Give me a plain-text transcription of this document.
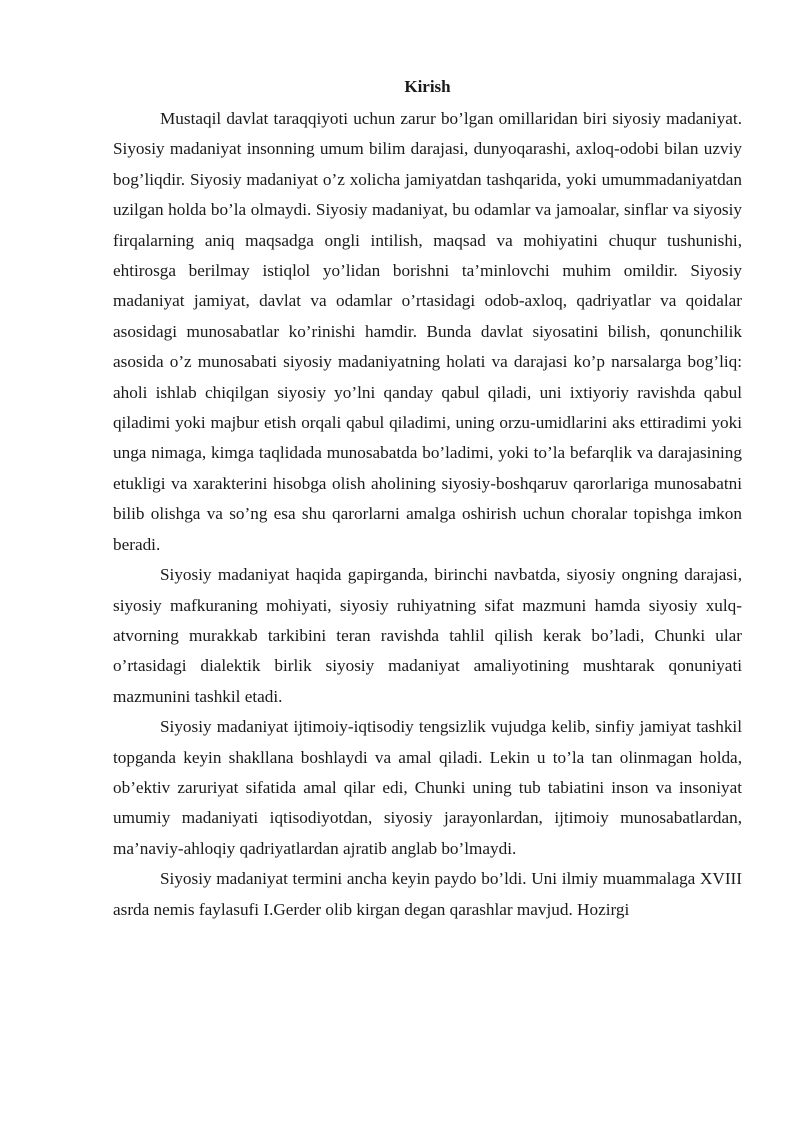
Kirish

Mustaqil davlat taraqqiyoti uchun zarur bo’lgan omillaridan biri siyosiy madaniyat. Siyosiy madaniyat insonning umum bilim darajasi, dunyoqarashi, axloq-odobi bilan uzviy bog’liqdir. Siyosiy madaniyat o’z xolicha jamiyatdan tashqarida, yoki umummadaniyatdan uzilgan holda bo’la olmaydi. Siyosiy madaniyat, bu odamlar va jamoalar, sinflar va siyosiy firqalarning aniq maqsadga ongli intilish, maqsad va mohiyatini chuqur tushunishi, ehtirosga berilmay istiqlol yo’lidan borishni ta’minlovchi muhim omildir. Siyosiy madaniyat jamiyat, davlat va odamlar o’rtasidagi odob-axloq, qadriyatlar va qoidalar asosidagi munosabatlar ko’rinishi hamdir. Bunda davlat siyosatini bilish, qonunchilik asosida o’z munosabati siyosiy madaniyatning holati va darajasi ko’p narsalarga bog’liq: aholi ishlab chiqilgan siyosiy yo’lni qanday qabul qiladi, uni ixtiyoriy ravishda qabul qiladimi yoki majbur etish orqali qabul qiladimi, uning orzu-umidlarini aks ettiradimi yoki unga nimaga, kimga taqlidada munosabatda bo’ladimi, yoki to’la befarqlik va darajasining etukligi va xarakterini hisobga olish aholining siyosiy-boshqaruv qarorlariga munosabatni bilib olishga va so’ng esa shu qarorlarni amalga oshirish uchun choralar topishga imkon beradi.

Siyosiy madaniyat haqida gapirganda, birinchi navbatda, siyosiy ongning darajasi, siyosiy mafkuraning mohiyati, siyosiy ruhiyatning sifat mazmuni hamda siyosiy xulq-atvorning murakkab tarkibini teran ravishda tahlil qilish kerak bo’ladi, Chunki ular o’rtasidagi dialektik birlik siyosiy madaniyat amaliyotining mushtarak qonuniyati mazmunini tashkil etadi.

Siyosiy madaniyat ijtimoiy-iqtisodiy tengsizlik vujudga kelib, sinfiy jamiyat tashkil topganda keyin shakllana boshlaydi va amal qiladi. Lekin u to’la tan olinmagan holda, ob’ektiv zaruriyat sifatida amal qilar edi, Chunki uning tub tabiatini inson va insoniyat umumiy madaniyati iqtisodiyotdan, siyosiy jarayonlardan, ijtimoiy munosabatlardan, ma’naviy-ahloqiy qadriyatlardan ajratib anglab bo’lmaydi.

Siyosiy madaniyat termini ancha keyin paydo bo’ldi. Uni ilmiy muammalaga XVIII asrda nemis faylasufi I.Gerder olib kirgan degan qarashlar mavjud. Hozirgi
